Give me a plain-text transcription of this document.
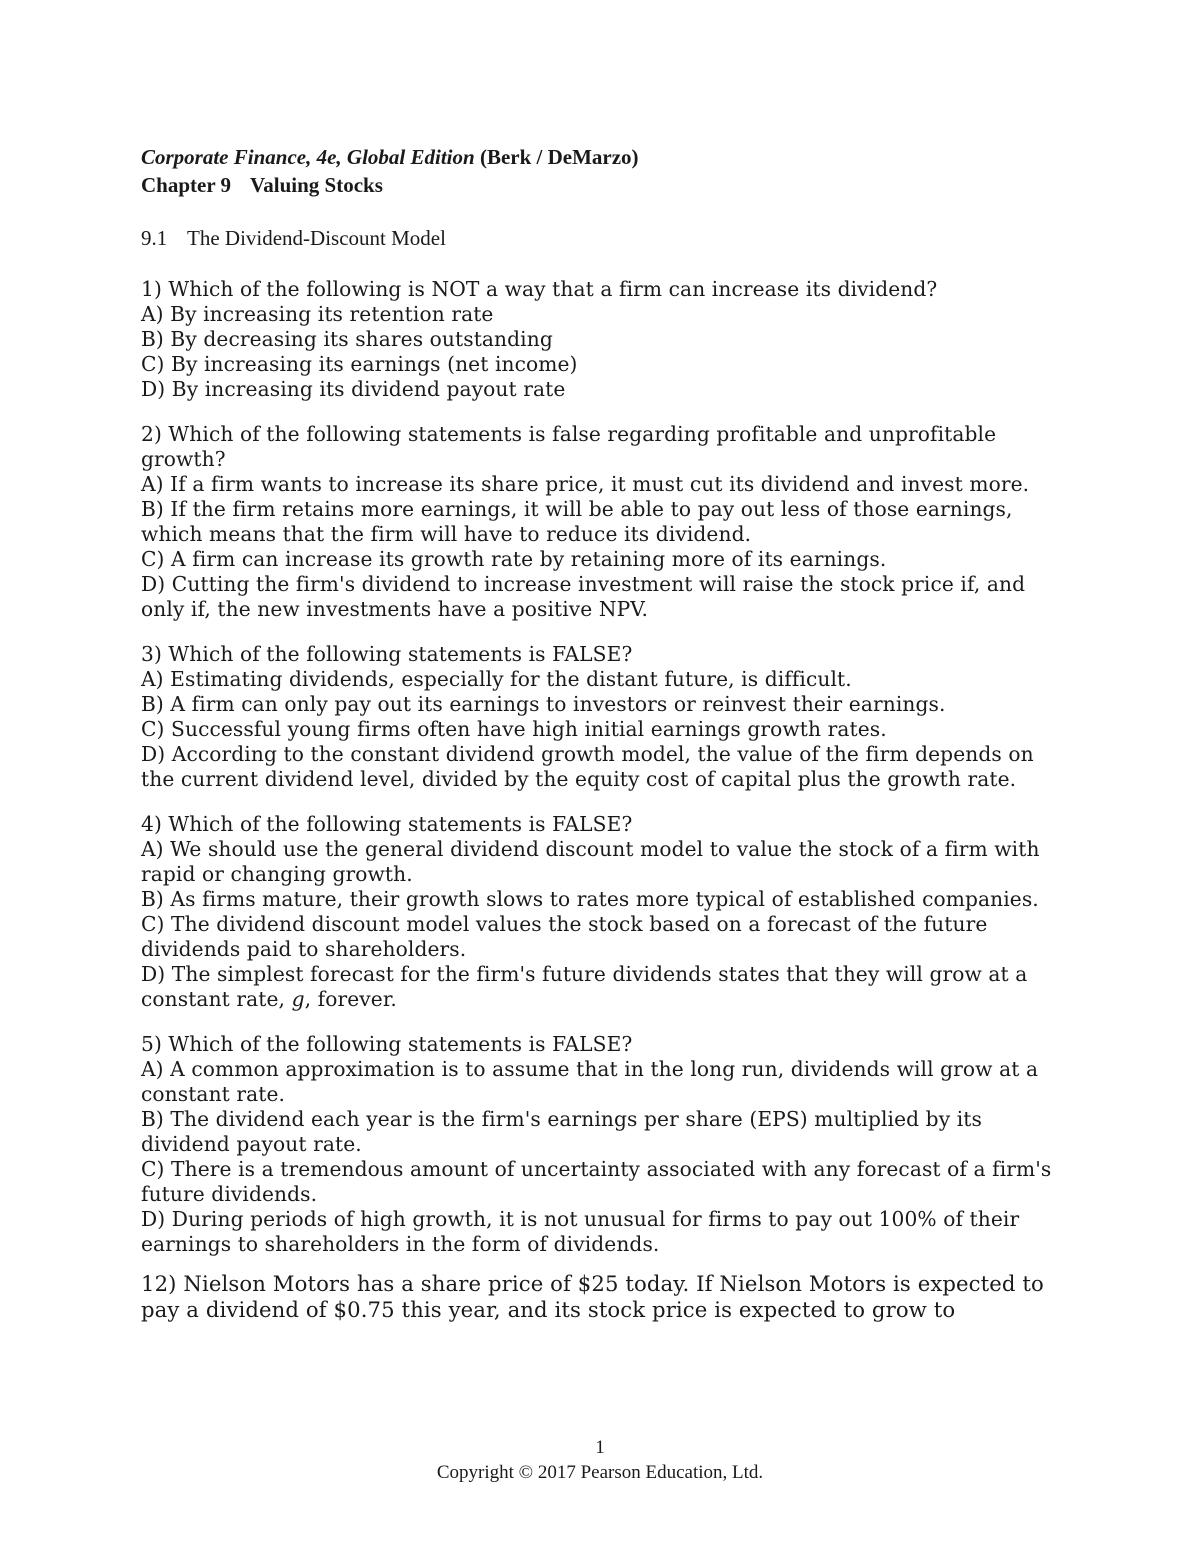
Corporate Finance, 4e, Global Edition (Berk / DeMarzo)
Chapter 9 Valuing Stocks
9.1 The Dividend-Discount Model
1) Which of the following is NOT a way that a firm can increase its dividend?
A) By increasing its retention rate
B) By decreasing its shares outstanding
C) By increasing its earnings (net income)
D) By increasing its dividend payout rate
2) Which of the following statements is false regarding profitable and unprofitable growth?
A) If a firm wants to increase its share price, it must cut its dividend and invest more.
B) If the firm retains more earnings, it will be able to pay out less of those earnings, which means that the firm will have to reduce its dividend.
C) A firm can increase its growth rate by retaining more of its earnings.
D) Cutting the firm's dividend to increase investment will raise the stock price if, and only if, the new investments have a positive NPV.
3) Which of the following statements is FALSE?
A) Estimating dividends, especially for the distant future, is difficult.
B) A firm can only pay out its earnings to investors or reinvest their earnings.
C) Successful young firms often have high initial earnings growth rates.
D) According to the constant dividend growth model, the value of the firm depends on the current dividend level, divided by the equity cost of capital plus the growth rate.
4) Which of the following statements is FALSE?
A) We should use the general dividend discount model to value the stock of a firm with rapid or changing growth.
B) As firms mature, their growth slows to rates more typical of established companies.
C) The dividend discount model values the stock based on a forecast of the future dividends paid to shareholders.
D) The simplest forecast for the firm's future dividends states that they will grow at a constant rate, g, forever.
5) Which of the following statements is FALSE?
A) A common approximation is to assume that in the long run, dividends will grow at a constant rate.
B) The dividend each year is the firm's earnings per share (EPS) multiplied by its dividend payout rate.
C) There is a tremendous amount of uncertainty associated with any forecast of a firm's future dividends.
D) During periods of high growth, it is not unusual for firms to pay out 100% of their earnings to shareholders in the form of dividends.
12) Nielson Motors has a share price of $25 today. If Nielson Motors is expected to pay a dividend of $0.75 this year, and its stock price is expected to grow to
1
Copyright © 2017 Pearson Education, Ltd.
